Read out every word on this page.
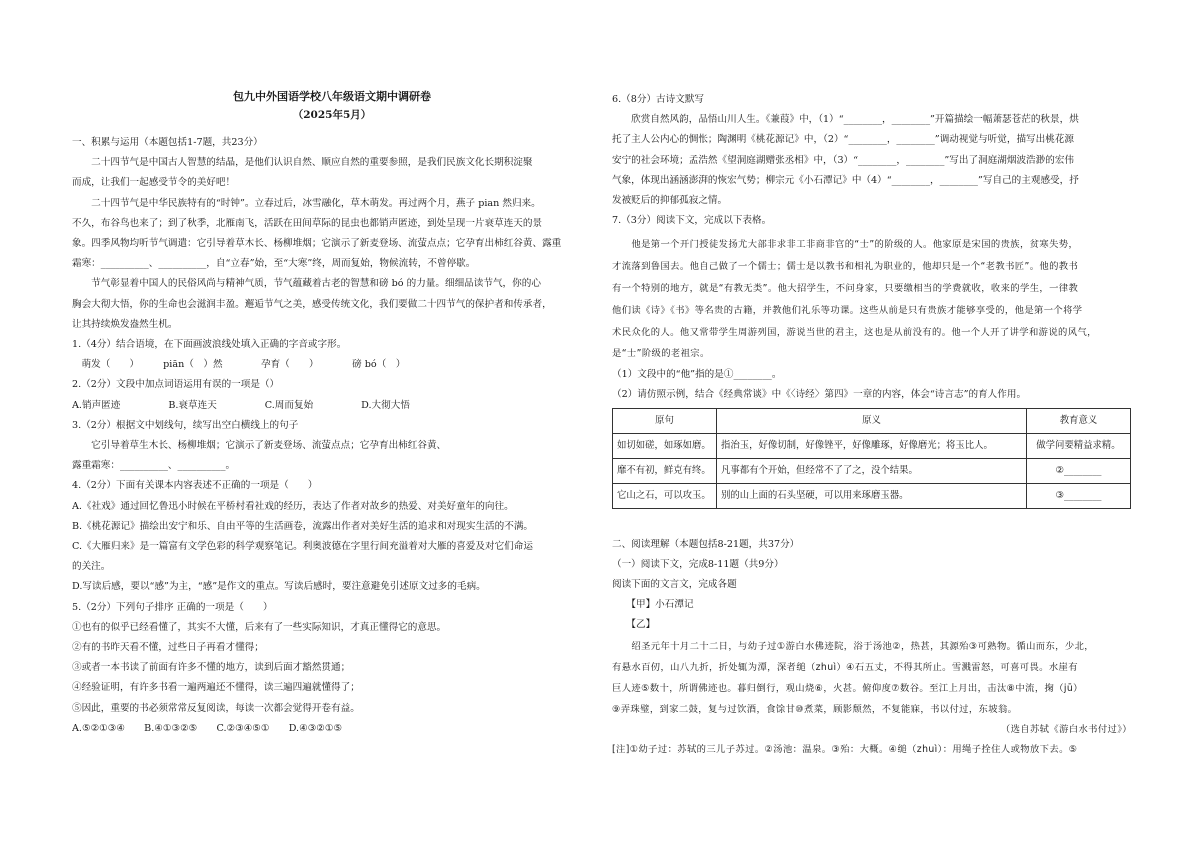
包九中外国语学校八年级语文期中调研卷
（2025年5月）
一、积累与运用（本题包括1-7题，共23分）
　　二十四节气是中国古人智慧的结晶，是他们认识自然、顺应自然的重要参照，是我们民族文化长期积淀聚
而成，让我们一起感受节令的美好吧！
　　二十四节气是中华民族特有的“时钟”。立春过后，冰雪融化，草木萌发。再过两个月，燕子 pian 然归来。
不久，布谷鸟也来了；到了秋季，北雁南飞，活跃在田间草际的昆虫也都销声匿迹，到处呈现一片衰草连天的景
象。四季风物均听节气调遣：它引导着草木长、杨柳堆烟；它演示了新麦登场、流萤点点；它孕育出柿红谷黄、露重
霜寒：__________、__________，自“立春”始，至“大寒”终，周而复始，物候流转，不曾停歇。
　　节气彰显着中国人的民俗风尚与精神气质，节气蕴藏着古老的智慧和磅 bó 的力量。细细品读节气，你的心
胸会大彻大悟，你的生命也会滋润丰盈。邂逅节气之美，感受传统文化，我们要做二十四节气的保护者和传承者，
让其持续焕发盎然生机。
1.（4分）结合语境，在下面画波浪线处填入正确的字音或字形。
　萌发（　　）　　　piān（　）然　　　　孕育（　　）　　　　磅 bó（　）
2.（2分）文段中加点词语运用有误的一项是（）
A.销声匿迹　　　　　B.衰草连天　　　　　C.周而复始　　　　　D.大彻大悟
3.（2分）根据文中划线句，续写出空白横线上的句子
　　它引导着草生木长、杨柳堆烟；它演示了新麦登场、流萤点点；它孕育出柿红谷黄、
露重霜寒：__________、__________。
4.（2分）下面有关课本内容表述不正确的一项是（　　）
A.《社戏》通过回忆鲁迅小时候在平桥村看社戏的经历，表达了作者对故乡的热爱、对美好童年的向往。
B.《桃花源记》描绘出安宁和乐、自由平等的生活画卷，流露出作者对美好生活的追求和对现实生活的不满。
C.《大雁归来》是一篇富有文学色彩的科学观察笔记。利奥波德在字里行间充溢着对大雁的喜爱及对它们命运
的关注。
D.写读后感，要以“感”为主，“感”是作文的重点。写读后感时，要注意避免引述原文过多的毛病。
5.（2分）下列句子排序 正确的一项是（　　）
①也有的似乎已经看懂了，其实不大懂，后来有了一些实际知识，才真正懂得它的意思。
②有的书昨天看不懂，过些日子再看才懂得；
③或者一本书读了前面有许多不懂的地方，读到后面才豁然贯通；
④经验证明，有许多书看一遍两遍还不懂得，读三遍四遍就懂得了；
⑤因此，重要的书必须常常反复阅读，每读一次都会觉得开卷有益。
A.⑤②①③④　　B.④①③②⑤　　C.②③④⑤①　　D.④③②①⑤
6.（8分）古诗文默写
　　欣赏自然风韵，品悟山川人生。《兼葭》中，（1）“________，________”开篇描绘一幅萧瑟苍茫的秋景，烘
托了主人公内心的惆怅；陶渊明《桃花源记》中，（2）“________，________”调动视觉与听觉，描写出桃花源
安宁的社会环境；孟浩然《望洞庭湖赠张丞相》中，（3）“________，________”写出了洞庭湖烟波浩渺的宏伟
气象，体现出涵涵澎湃的恢宏气势；柳宗元《小石潭记》中（4）“________，________”写自己的主观感受，抒
发被贬后的抑郁孤寂之情。
7.（3分）阅读下文，完成以下表格。
　　他是第一个开门授徒发扬尤大部非求非工非商非官的“士”的阶级的人。他家原是宋国的贵族，贫寒失势，
才流落到鲁国去。他自己做了一个儒士；儒士是以教书和相礼为职业的，他却只是一个“老教书匠”。他的教书
有一个特别的地方，就是“有教无类”。他大招学生，不问身家，只要缴相当的学费就收，收来的学生，一律教
他们读《诗》《书》等名贵的古籍，并教他们礼乐等功课。这些从前是只有贵族才能够享受的，他是第一个将学
术民众化的人。他又常带学生周游列国，游说当世的君主，这也是从前没有的。他一个人开了讲学和游说的风气，
是“士”阶级的老祖宗。
（1）文段中的“他”指的是①________。
（2）请仿照示例，结合《经典常谈》中《〈诗经〉第四》一章的内容，体会“诗言志”的育人作用。
原句	原义	教育意义
如切如磋，如琢如磨。	指治玉，好像切制，好像锉平，好像雕琢，好像磨光；将玉比人。	做学问要精益求精。
靡不有初，鲜克有终。	凡事都有个开始，但经常不了了之，没个结果。	②________
它山之石，可以攻玉。	别的山上面的石头坚硬，可以用来琢磨玉器。	③________
二、阅读理解（本题包括8-21题，共37分）
（一）阅读下文，完成8-11题（共9分）
阅读下面的文言文，完成各题
　　【甲】小石潭记
　　【乙】
　　绍圣元年十月二十二日，与幼子过①游白水佛迹院，浴于汤池②，热甚，其源殆③可熟物。循山而东，少北，
有悬水百仞，山八九折，折处辄为潭，深者缒（zhuì）④石五丈，不得其所止。雪溅雷怒，可喜可畏。水崖有
巨人迹⑤数十，所谓佛迹也。暮归倒行，观山烧⑥，火甚。俯仰度⑦数谷。至江上月出，击汰⑧中流，掬（jū）
⑨弄珠璧，到家二鼓，复与过饮酒，食馀甘⑩煮菜，顾影颓然，不复能寐，书以付过，东坡翁。
（选自苏轼《游白水书付过》）
[注]①幼子过：苏轼的三儿子苏过。②汤池：温泉。③殆：大概。④缒（zhuì）：用绳子拴住人或物放下去。⑤
